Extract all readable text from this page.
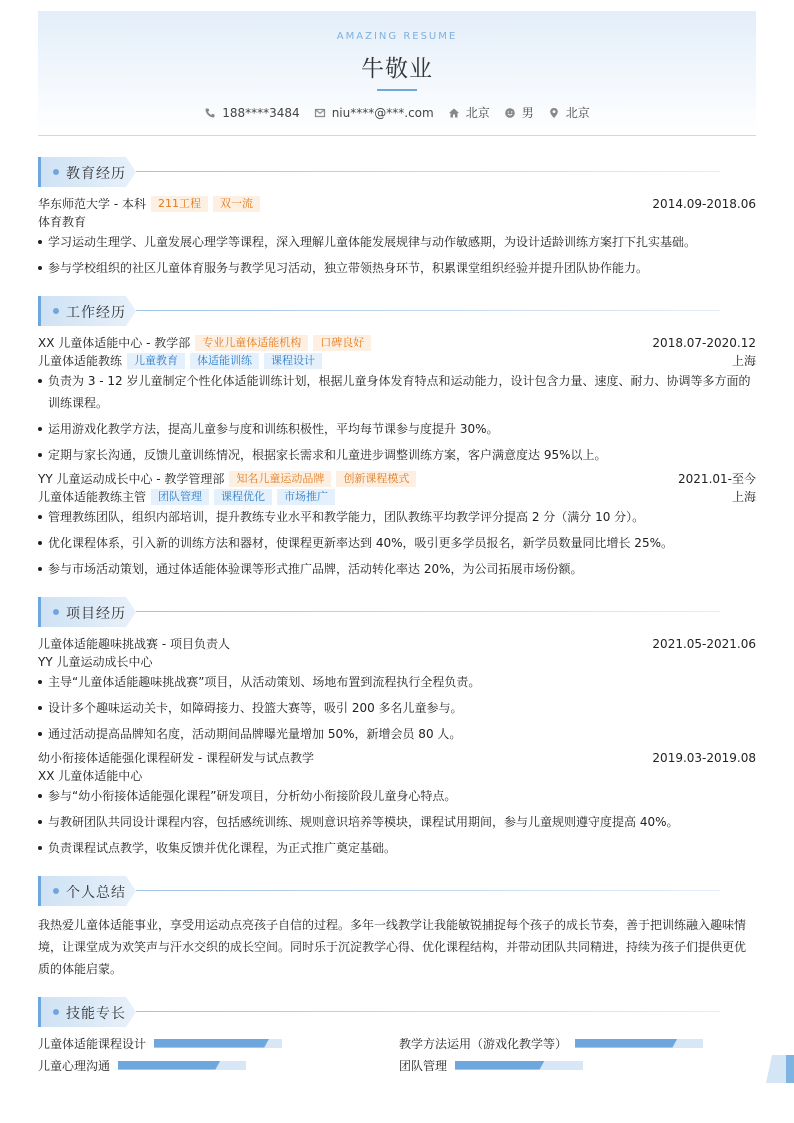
AMAZING RESUME
牛敬业
188****3484	niu****@***.com	北京	男	北京
教育经历
华东师范大学 - 本科	211工程	双一流	2014.09-2018.06
体育教育
学习运动生理学、儿童发展心理学等课程，深入理解儿童体能发展规律与动作敏感期，为设计适龄训练方案打下扎实基础。
参与学校组织的社区儿童体育服务与教学见习活动，独立带领热身环节，积累课堂组织经验并提升团队协作能力。
工作经历
XX 儿童体适能中心 - 教学部	专业儿童体适能机构	口碑良好	2018.07-2020.12
儿童体适能教练	儿童教育	体适能训练	课程设计	上海
负责为 3 - 12 岁儿童制定个性化体适能训练计划，根据儿童身体发育特点和运动能力，设计包含力量、速度、耐力、协调等多方面的训练课程。
运用游戏化教学方法，提高儿童参与度和训练积极性，平均每节课参与度提升 30%。
定期与家长沟通，反馈儿童训练情况，根据家长需求和儿童进步调整训练方案，客户满意度达 95%以上。
YY 儿童运动成长中心 - 教学管理部	知名儿童运动品牌	创新课程模式	2021.01-至今
儿童体适能教练主管	团队管理	课程优化	市场推广	上海
管理教练团队，组织内部培训，提升教练专业水平和教学能力，团队教练平均教学评分提高 2 分（满分 10 分）。
优化课程体系，引入新的训练方法和器材，使课程更新率达到 40%，吸引更多学员报名，新学员数量同比增长 25%。
参与市场活动策划，通过体适能体验课等形式推广品牌，活动转化率达 20%，为公司拓展市场份额。
项目经历
儿童体适能趣味挑战赛 - 项目负责人	2021.05-2021.06
YY 儿童运动成长中心
主导“儿童体适能趣味挑战赛”项目，从活动策划、场地布置到流程执行全程负责。
设计多个趣味运动关卡，如障碍接力、投篮大赛等，吸引 200 多名儿童参与。
通过活动提高品牌知名度，活动期间品牌曝光量增加 50%，新增会员 80 人。
幼小衔接体适能强化课程研发 - 课程研发与试点教学	2019.03-2019.08
XX 儿童体适能中心
参与“幼小衔接体适能强化课程”研发项目，分析幼小衔接阶段儿童身心特点。
与教研团队共同设计课程内容，包括感统训练、规则意识培养等模块，课程试用期间，参与儿童规则遵守度提高 40%。
负责课程试点教学，收集反馈并优化课程，为正式推广奠定基础。
个人总结
我热爱儿童体适能事业，享受用运动点亮孩子自信的过程。多年一线教学让我能敏锐捕捉每个孩子的成长节奏，善于把训练融入趣味情境，让课堂成为欢笑声与汗水交织的成长空间。同时乐于沉淀教学心得、优化课程结构，并带动团队共同精进，持续为孩子们提供更优质的体能启蒙。
技能专长
儿童体适能课程设计	教学方法运用（游戏化教学等）
儿童心理沟通	团队管理
